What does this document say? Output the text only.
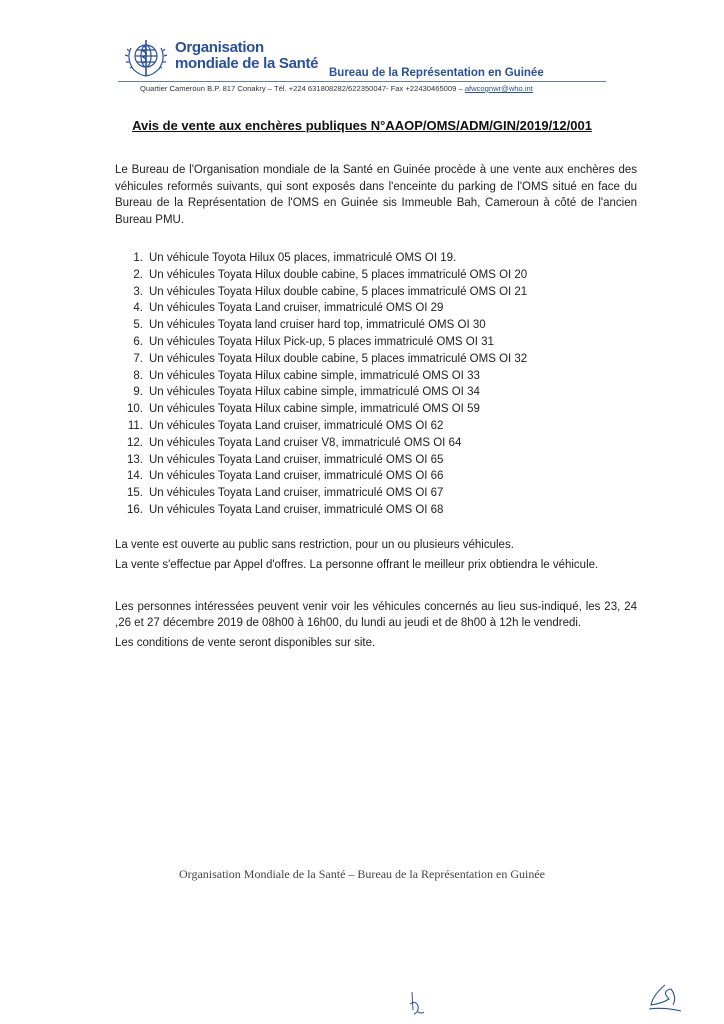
Organisation
mondiale de la Santé
Bureau de la Représentation en Guinée
Quartier Cameroun B.P. 817 Conakry – Tél. +224 631808282/622350047- Fax +22430465009 – afwcognwr@who.int
Avis de vente aux enchères publiques N°AAOP/OMS/ADM/GIN/2019/12/001
Le Bureau de l'Organisation mondiale de la Santé en Guinée procède à une vente aux enchères des véhicules reformés suivants, qui sont exposés dans l'enceinte du parking de l'OMS situé en face du Bureau de la Représentation de l'OMS en Guinée sis Immeuble Bah, Cameroun à côté de l'ancien Bureau PMU.
1. Un véhicule Toyota Hilux 05 places, immatriculé OMS OI 19.
2. Un véhicules Toyata Hilux double cabine, 5 places immatriculé OMS OI 20
3. Un véhicules Toyata Hilux double cabine, 5 places immatriculé OMS OI 21
4. Un véhicules Toyata Land cruiser, immatriculé OMS OI 29
5. Un véhicules Toyata land cruiser hard top, immatriculé OMS OI 30
6. Un véhicules Toyata Hilux Pick-up, 5 places immatriculé OMS OI 31
7. Un véhicules Toyata Hilux double cabine, 5 places immatriculé OMS OI 32
8. Un véhicules Toyata Hilux cabine simple, immatriculé OMS OI 33
9. Un véhicules Toyata Hilux cabine simple, immatriculé OMS OI 34
10. Un véhicules Toyata Hilux cabine simple, immatriculé OMS OI 59
11. Un véhicules Toyata Land cruiser, immatriculé OMS OI 62
12. Un véhicules Toyata Land cruiser V8, immatriculé OMS OI 64
13. Un véhicules Toyata Land cruiser, immatriculé OMS OI 65
14. Un véhicules Toyata Land cruiser, immatriculé OMS OI 66
15. Un véhicules Toyata Land cruiser, immatriculé OMS OI 67
16. Un véhicules Toyata Land cruiser, immatriculé OMS OI 68
La vente est ouverte au public sans restriction, pour un ou plusieurs véhicules.
La vente s'effectue par Appel d'offres. La personne offrant le meilleur prix obtiendra le véhicule.
Les personnes intéressées peuvent venir voir les véhicules concernés au lieu sus-indiqué, les 23, 24 ,26 et 27 décembre 2019 de 08h00 à 16h00, du lundi au jeudi et de 8h00 à 12h le vendredi.
Les conditions de vente seront disponibles sur site.
Organisation Mondiale de la Santé – Bureau de la Représentation en Guinée
